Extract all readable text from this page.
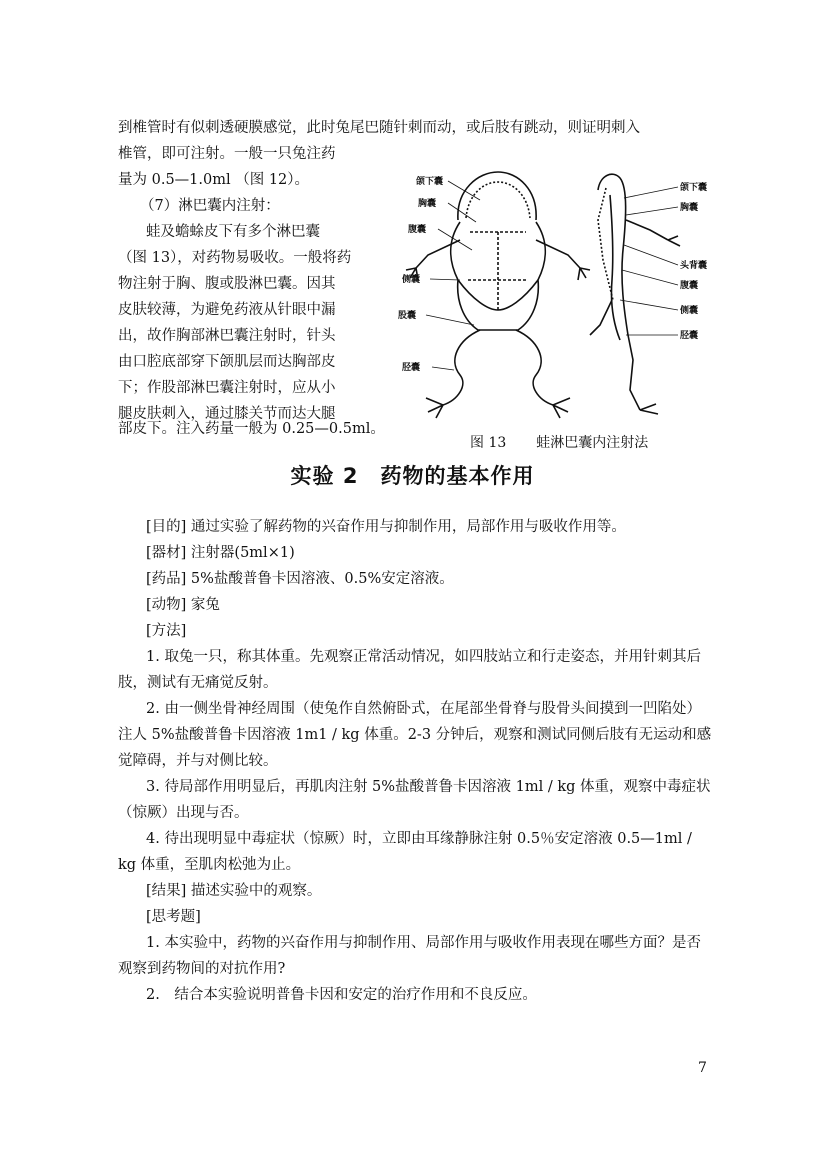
到椎管时有似刺透硬膜感觉，此时兔尾巴随针刺而动，或后肢有跳动，则证明刺入
椎管，即可注射。一般一只兔注药
量为 0.5—1.0ml （图 12）。
（7）淋巴囊内注射：
蛙及蟾蜍皮下有多个淋巴囊
（图 13），对药物易吸收。一般将药
物注射于胸、腹或股淋巴囊。因其
皮肤较薄，为避免药液从针眼中漏
出，故作胸部淋巴囊注射时，针头
由口腔底部穿下颌肌层而达胸部皮
下；作股部淋巴囊注射时，应从小
腿皮肤刺入，通过膝关节而达大腿
部皮下。注入药量一般为 0.25—0.5ml。
颌下囊
胸囊
腹囊
侧囊
股囊
胫囊
颌下囊
胸囊
头背囊
腹囊
侧囊
胫囊
图 13 蛙淋巴囊内注射法
实验 2　药物的基本作用
[目的] 通过实验了解药物的兴奋作用与抑制作用，局部作用与吸收作用等。
[器材] 注射器(5ml×1)
[药品] 5%盐酸普鲁卡因溶液、0.5%安定溶液。
[动物] 家兔
[方法]
1. 取兔一只，称其体重。先观察正常活动情况，如四肢站立和行走姿态，并用针刺其后肢，测试有无痛觉反射。
2. 由一侧坐骨神经周围（使兔作自然俯卧式，在尾部坐骨脊与股骨头间摸到一凹陷处）注人 5%盐酸普鲁卡因溶液 1m1 / kg 体重。2-3 分钟后，观察和测试同侧后肢有无运动和感觉障碍，并与对侧比较。
3. 待局部作用明显后，再肌肉注射 5%盐酸普鲁卡因溶液 1ml / kg 体重，观察中毒症状（惊厥）出现与否。
4. 待出现明显中毒症状（惊厥）时，立即由耳缘静脉注射 0.5％安定溶液 0.5—1ml / kg 体重，至肌肉松弛为止。
[结果] 描述实验中的观察。
[思考题]
1. 本实验中，药物的兴奋作用与抑制作用、局部作用与吸收作用表现在哪些方面？是否观察到药物间的对抗作用?
2.　结合本实验说明普鲁卡因和安定的治疗作用和不良反应。
7
